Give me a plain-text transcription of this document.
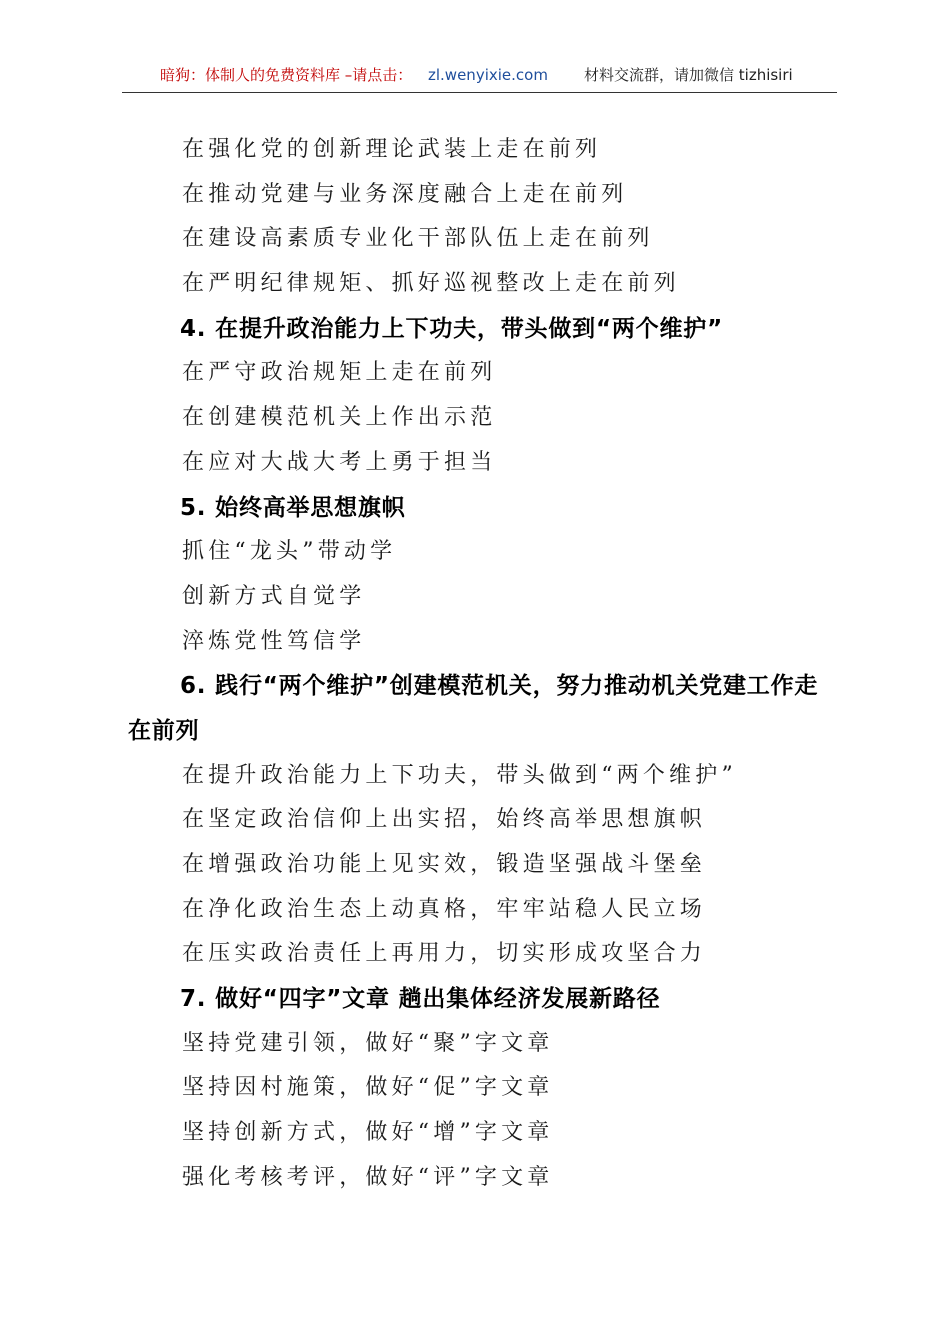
暗狗：体制人的免费资料库 –请点击： zl.wenyixie.com 材料交流群，请加微信 tizhisiri
在强化党的创新理论武装上走在前列
在推动党建与业务深度融合上走在前列
在建设高素质专业化干部队伍上走在前列
在严明纪律规矩、抓好巡视整改上走在前列
4. 在提升政治能力上下功夫，带头做到“两个维护”
在严守政治规矩上走在前列
在创建模范机关上作出示范
在应对大战大考上勇于担当
5. 始终高举思想旗帜
抓住“龙头”带动学
创新方式自觉学
淬炼党性笃信学
6. 践行“两个维护”创建模范机关，努力推动机关党建工作走在前列
在提升政治能力上下功夫，带头做到“两个维护”
在坚定政治信仰上出实招，始终高举思想旗帜
在增强政治功能上见实效，锻造坚强战斗堡垒
在净化政治生态上动真格，牢牢站稳人民立场
在压实政治责任上再用力，切实形成攻坚合力
7. 做好“四字”文章 趟出集体经济发展新路径
坚持党建引领，做好“聚”字文章
坚持因村施策，做好“促”字文章
坚持创新方式，做好“增”字文章
强化考核考评，做好“评”字文章
